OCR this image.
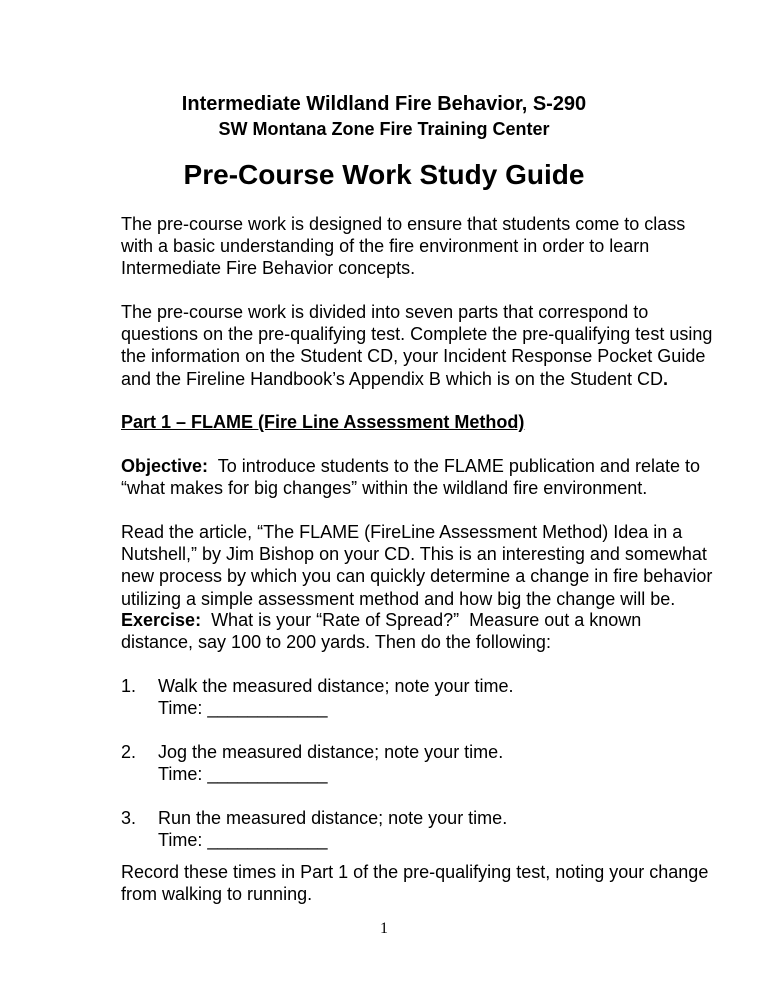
Intermediate Wildland Fire Behavior, S-290
SW Montana Zone Fire Training Center
Pre-Course Work Study Guide

The pre-course work is designed to ensure that students come to class

with a basic understanding of the fire environment in order to learn

Intermediate Fire Behavior concepts.

The pre-course work is divided into seven parts that correspond to

questions on the pre-qualifying test. Complete the pre-qualifying test using

the information on the Student CD, your Incident Response Pocket Guide

and the Fireline Handbook’s Appendix B which is on the Student CD.

Part 1 – FLAME (Fire Line Assessment Method)

Objective:  To introduce students to the FLAME publication and relate to

“what makes for big changes” within the wildland fire environment.

Read the article, “The FLAME (FireLine Assessment Method) Idea in a

Nutshell,” by Jim Bishop on your CD. This is an interesting and somewhat

new process by which you can quickly determine a change in fire behavior

utilizing a simple assessment method and how big the change will be.

Exercise:  What is your “Rate of Spread?”  Measure out a known

distance, say 100 to 200 yards. Then do the following:

1. Walk the measured distance; note your time.
Time: ____________
2. Jog the measured distance; note your time.
Time: ____________
3. Run the measured distance; note your time.
Time: ____________

Record these times in Part 1 of the pre-qualifying test, noting your change

from walking to running.

1
